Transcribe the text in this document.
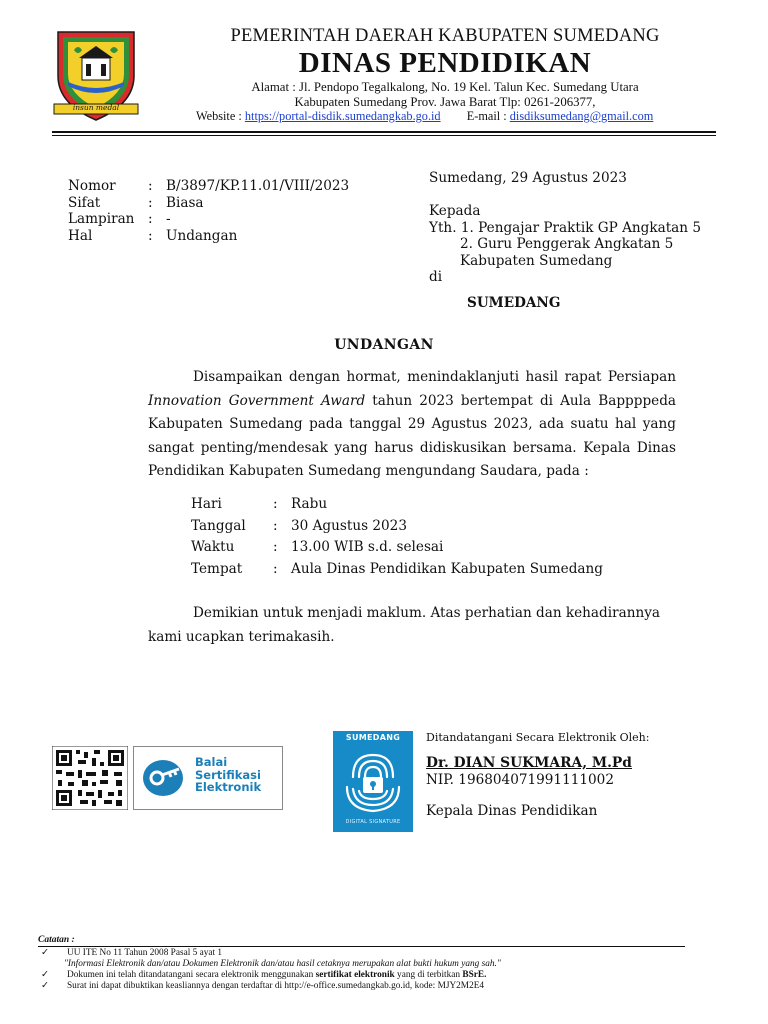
insun medal
PEMERINTAH DAERAH KABUPATEN SUMEDANG
DINAS PENDIDIKAN
Alamat : Jl. Pendopo Tegalkalong, No. 19 Kel. Talun Kec. Sumedang Utara
Kabupaten Sumedang Prov. Jawa Barat Tlp: 0261-206377,
Website : https://portal-disdik.sumedangkab.go.id E-mail : disdiksumedang@gmail.com
Nomor	: B/3897/KP.11.01/VIII/2023
Sifat	: Biasa
Lampiran : -
Hal	: Undangan
Sumedang, 29 Agustus 2023
Kepada
Yth. 1. Pengajar Praktik GP Angkatan 5
2. Guru Penggerak Angkatan 5
Kabupaten Sumedang
di
SUMEDANG
UNDANGAN

Disampaikan dengan hormat, menindaklanjuti hasil rapat Persiapan Innovation Government Award tahun 2023 bertempat di Aula Bappppeda Kabupaten Sumedang pada tanggal 29 Agustus 2023, ada suatu hal yang sangat penting/mendesak yang harus didiskusikan bersama. Kepala Dinas Pendidikan Kabupaten Sumedang mengundang Saudara, pada :

Hari	: Rabu
Tanggal	: 30 Agustus 2023
Waktu	: 13.00 WIB s.d. selesai
Tempat	: Aula Dinas Pendidikan Kabupaten Sumedang

Demikian untuk menjadi maklum. Atas perhatian dan kehadirannya kami ucapkan terimakasih.

Balai
Sertifikasi
Elektronik
SUMEDANG
DIGITAL SIGNATURE
Ditandatangani Secara Elektronik Oleh:
Dr. DIAN SUKMARA, M.Pd
NIP. 196804071991111002
Kepala Dinas Pendidikan
Catatan :
✓	UU ITE No 11 Tahun 2008 Pasal 5 ayat 1
"Informasi Elektronik dan/atau Dokumen Elektronik dan/atau hasil cetaknya merupakan alat bukti hukum yang sah."
✓	Dokumen ini telah ditandatangani secara elektronik menggunakan sertifikat elektronik yang di terbitkan BSrE.
✓	Surat ini dapat dibuktikan keasliannya dengan terdaftar di http://e-office.sumedangkab.go.id, kode: MJY2M2E4
